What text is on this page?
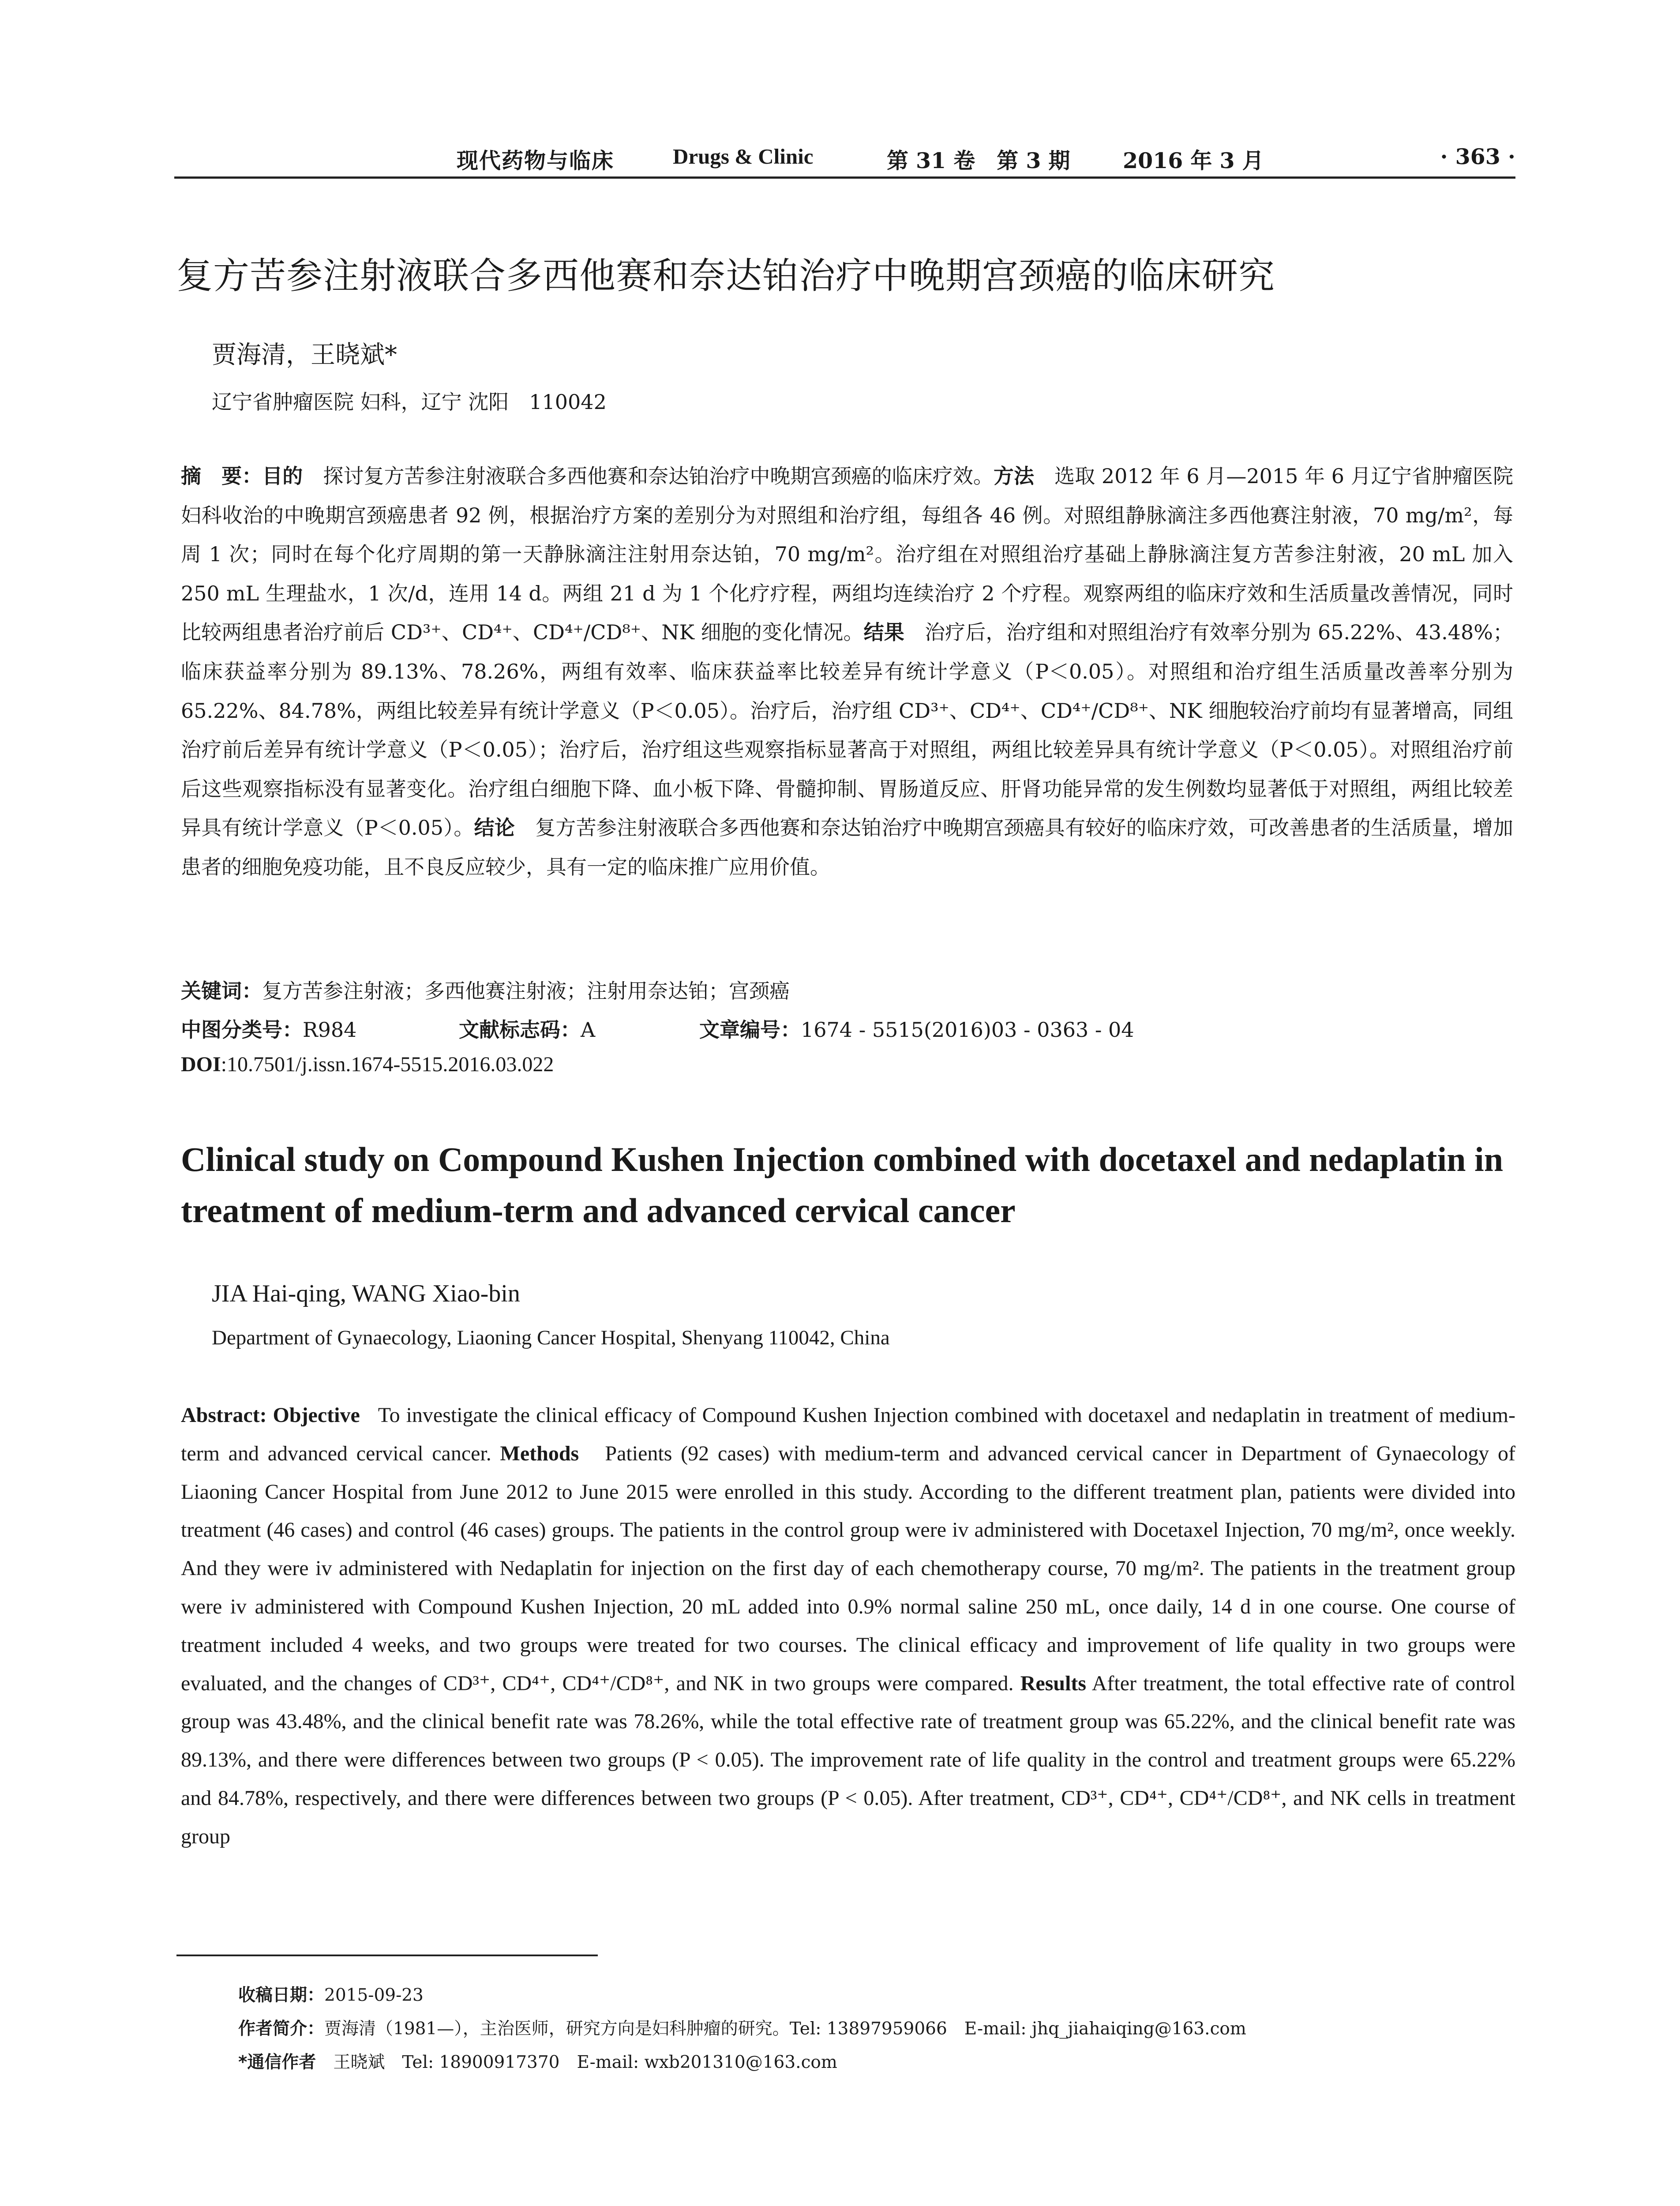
现代药物与临床	Drugs & Clinic	第 31 卷　第 3 期 2016 年 3 月	· 363 ·
复方苦参注射液联合多西他赛和奈达铂治疗中晚期宫颈癌的临床研究
贾海清，王晓斌*
辽宁省肿瘤医院 妇科，辽宁 沈阳　110042
摘　要：目的　 探讨复方苦参注射液联合多西他赛和奈达铂治疗中晚期宫颈癌的临床疗效。方法　 选取 2012 年 6 月—2015 年 6 月辽宁省肿瘤医院妇科收治的中晚期宫颈癌患者 92 例，根据治疗方案的差别分为对照组和治疗组，每组各 46 例。对照组静脉滴注多西他赛注射液，70 mg/m²，每周 1 次；同时在每个化疗周期的第一天静脉滴注注射用奈达铂，70 mg/m²。治疗组在对照组治疗基础上静脉滴注复方苦参注射液，20 mL 加入 250 mL 生理盐水，1 次/d，连用 14 d。两组 21 d 为 1 个化疗疗程，两组均连续治疗 2 个疗程。观察两组的临床疗效和生活质量改善情况，同时比较两组患者治疗前后 CD³⁺、CD⁴⁺、CD⁴⁺/CD⁸⁺、NK 细胞的变化情况。结果　 治疗后，治疗组和对照组治疗有效率分别为 65.22%、43.48%；临床获益率分别为 89.13%、78.26%，两组有效率、临床获益率比较差异有统计学意义（P＜0.05）。对照组和治疗组生活质量改善率分别为 65.22%、84.78%，两组比较差异有统计学意义（P＜0.05）。治疗后，治疗组 CD³⁺、CD⁴⁺、CD⁴⁺/CD⁸⁺、NK 细胞较治疗前均有显著增高，同组治疗前后差异有统计学意义（P＜0.05）；治疗后，治疗组这些观察指标显著高于对照组，两组比较差异具有统计学意义（P＜0.05）。对照组治疗前后这些观察指标没有显著变化。治疗组白细胞下降、血小板下降、骨髓抑制、胃肠道反应、肝肾功能异常的发生例数均显著低于对照组，两组比较差异具有统计学意义（P＜0.05）。结论　 复方苦参注射液联合多西他赛和奈达铂治疗中晚期宫颈癌具有较好的临床疗效，可改善患者的生活质量，增加患者的细胞免疫功能，且不良反应较少，具有一定的临床推广应用价值。
关键词：复方苦参注射液；多西他赛注射液；注射用奈达铂；宫颈癌
中图分类号：R984	文献标志码：A	文章编号：1674 - 5515(2016)03 - 0363 - 04
DOI:10.7501/j.issn.1674-5515.2016.03.022
Clinical study on Compound Kushen Injection combined with docetaxel and nedaplatin in treatment of medium-term and advanced cervical cancer
JIA Hai-qing, WANG Xiao-bin
Department of Gynaecology, Liaoning Cancer Hospital, Shenyang 110042, China
Abstract: Objective To investigate the clinical efficacy of Compound Kushen Injection combined with docetaxel and nedaplatin in treatment of medium-term and advanced cervical cancer. Methods Patients (92 cases) with medium-term and advanced cervical cancer in Department of Gynaecology of Liaoning Cancer Hospital from June 2012 to June 2015 were enrolled in this study. According to the different treatment plan, patients were divided into treatment (46 cases) and control (46 cases) groups. The patients in the control group were iv administered with Docetaxel Injection, 70 mg/m², once weekly. And they were iv administered with Nedaplatin for injection on the first day of each chemotherapy course, 70 mg/m². The patients in the treatment group were iv administered with Compound Kushen Injection, 20 mL added into 0.9% normal saline 250 mL, once daily, 14 d in one course. One course of treatment included 4 weeks, and two groups were treated for two courses. The clinical efficacy and improvement of life quality in two groups were evaluated, and the changes of CD³⁺, CD⁴⁺, CD⁴⁺/CD⁸⁺, and NK in two groups were compared. Results After treatment, the total effective rate of control group was 43.48%, and the clinical benefit rate was 78.26%, while the total effective rate of treatment group was 65.22%, and the clinical benefit rate was 89.13%, and there were differences between two groups (P < 0.05). The improvement rate of life quality in the control and treatment groups were 65.22% and 84.78%, respectively, and there were differences between two groups (P < 0.05). After treatment, CD³⁺, CD⁴⁺, CD⁴⁺/CD⁸⁺, and NK cells in treatment group
收稿日期：2015-09-23
作者简介：贾海清（1981—），主治医师，研究方向是妇科肿瘤的研究。Tel: 13897959066　E-mail: jhq_jiahaiqing@163.com
*通信作者　 王晓斌　Tel: 18900917370　E-mail: wxb201310@163.com
